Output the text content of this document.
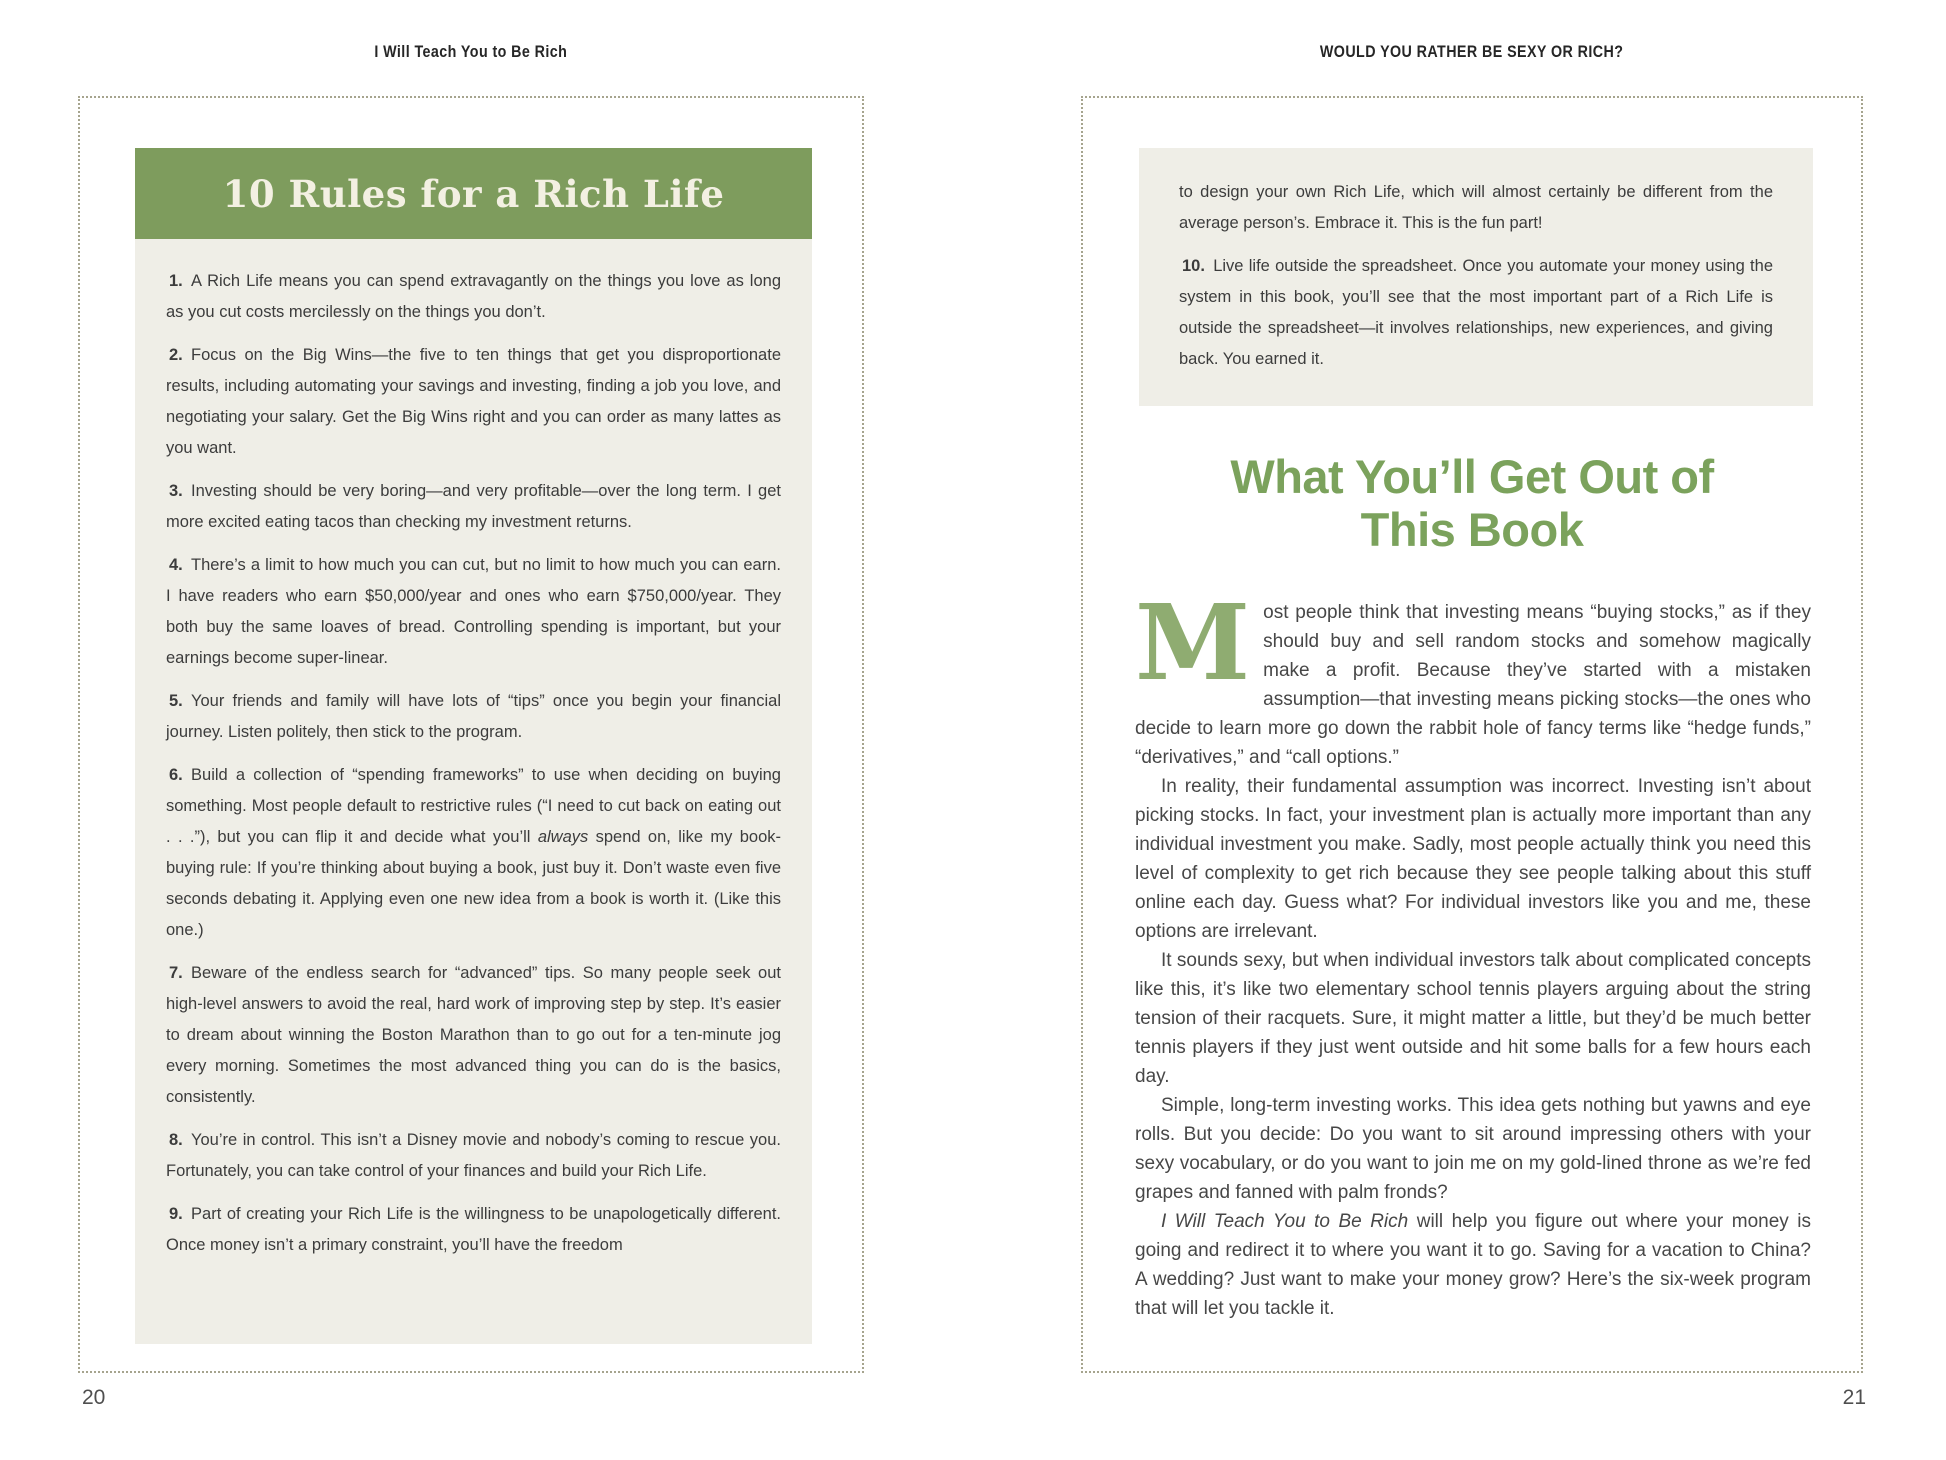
I Will Teach You to Be Rich	WOULD YOU RATHER BE SEXY OR RICH?
10 Rules for a Rich Life

1.  A Rich Life means you can spend extravagantly on the things you love as long as you cut costs mercilessly on the things you don’t.

2.  Focus on the Big Wins—the five to ten things that get you disproportionate results, including automating your savings and investing, finding a job you love, and negotiating your salary. Get the Big Wins right and you can order as many lattes as you want.

3.  Investing should be very boring—and very profitable—over the long term. I get more excited eating tacos than checking my investment returns.

4.  There’s a limit to how much you can cut, but no limit to how much you can earn. I have readers who earn $50,000/year and ones who earn $750,000/year. They both buy the same loaves of bread. Controlling spending is important, but your earnings become super-linear.

5.  Your friends and family will have lots of “tips” once you begin your financial journey. Listen politely, then stick to the program.

6.  Build a collection of “spending frameworks” to use when deciding on buying something. Most people default to restrictive rules (“I need to cut back on eating out . . .”), but you can flip it and decide what you’ll always spend on, like my book-buying rule: If you’re thinking about buying a book, just buy it. Don’t waste even five seconds debating it. Applying even one new idea from a book is worth it. (Like this one.)

7.  Beware of the endless search for “advanced” tips. So many people seek out high-level answers to avoid the real, hard work of improving step by step. It’s easier to dream about winning the Boston Marathon than to go out for a ten-minute jog every morning. Sometimes the most advanced thing you can do is the basics, consistently.

8.  You’re in control. This isn’t a Disney movie and nobody’s coming to rescue you. Fortunately, you can take control of your finances and build your Rich Life.

9.  Part of creating your Rich Life is the willingness to be unapologetically different. Once money isn’t a primary constraint, you’ll have the freedom

to design your own Rich Life, which will almost certainly be different from the average person’s. Embrace it. This is the fun part!

10.  Live life outside the spreadsheet. Once you automate your money using the system in this book, you’ll see that the most important part of a Rich Life is outside the spreadsheet—it involves relationships, new experiences, and giving back. You earned it.

What You’ll Get Out of
This Book

Most people think that investing means “buying stocks,” as if they should buy and sell random stocks and somehow magically make a profit. Because they’ve started with a mistaken assumption—that investing means picking stocks—the ones who decide to learn more go down the rabbit hole of fancy terms like “hedge funds,” “derivatives,” and “call options.”

In reality, their fundamental assumption was incorrect. Investing isn’t about picking stocks. In fact, your investment plan is actually more important than any individual investment you make. Sadly, most people actually think you need this level of complexity to get rich because they see people talking about this stuff online each day. Guess what? For individual investors like you and me, these options are irrelevant.

It sounds sexy, but when individual investors talk about complicated concepts like this, it’s like two elementary school tennis players arguing about the string tension of their racquets. Sure, it might matter a little, but they’d be much better tennis players if they just went outside and hit some balls for a few hours each day.

Simple, long-term investing works. This idea gets nothing but yawns and eye rolls. But you decide: Do you want to sit around impressing others with your sexy vocabulary, or do you want to join me on my gold-lined throne as we’re fed grapes and fanned with palm fronds?

I Will Teach You to Be Rich will help you figure out where your money is going and redirect it to where you want it to go. Saving for a vacation to China? A wedding? Just want to make your money grow? Here’s the six-week program that will let you tackle it.

20	21
